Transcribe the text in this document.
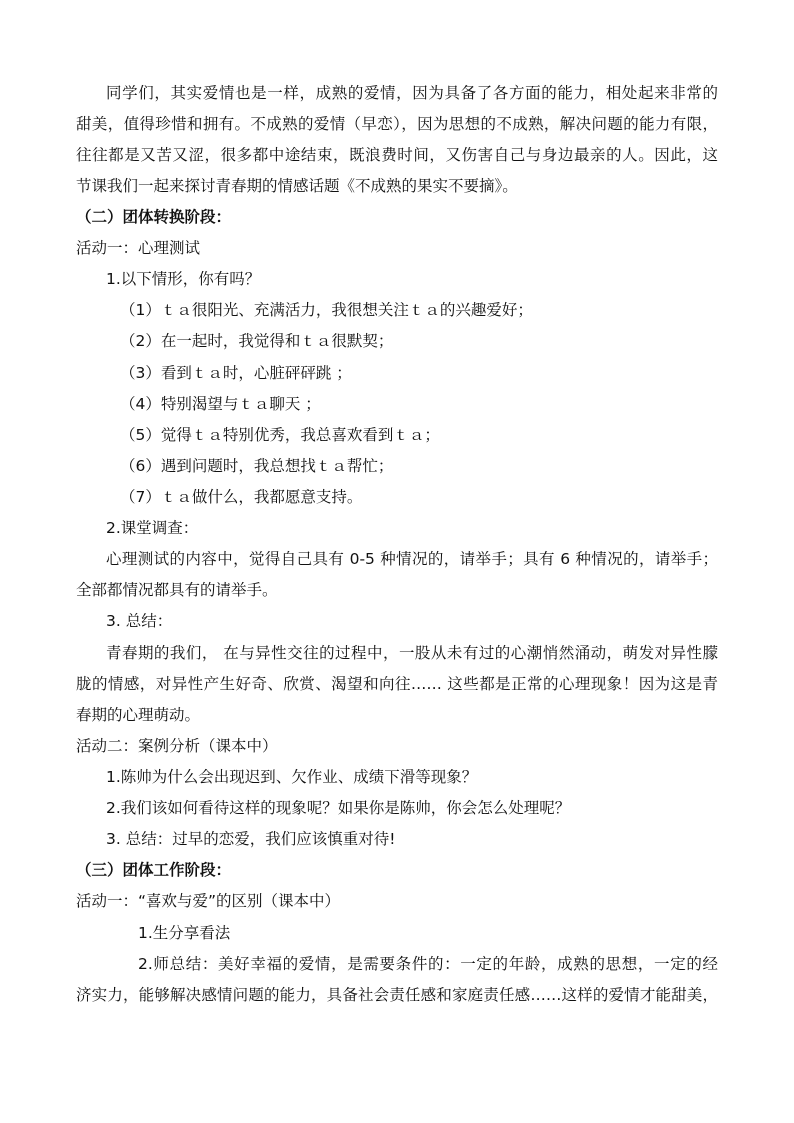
同学们，其实爱情也是一样，成熟的爱情，因为具备了各方面的能力，相处起来非常的
甜美，值得珍惜和拥有。不成熟的爱情（早恋），因为思想的不成熟，解决问题的能力有限，
往往都是又苦又涩，很多都中途结束，既浪费时间，又伤害自己与身边最亲的人。因此，这
节课我们一起来探讨青春期的情感话题《不成熟的果实不要摘》。
（二）团体转换阶段：
活动一：心理测试
1.以下情形，你有吗？
（1）ｔａ很阳光、充满活力，我很想关注ｔａ的兴趣爱好；
（2）在一起时，我觉得和ｔａ很默契；
（3）看到ｔａ时，心脏砰砰跳 ；
（4）特别渴望与ｔａ聊天 ；
（5）觉得ｔａ特别优秀，我总喜欢看到ｔａ；
（6）遇到问题时，我总想找ｔａ帮忙；
（7）ｔａ做什么，我都愿意支持。
2.课堂调查：
心理测试的内容中，觉得自己具有 0-5 种情况的，请举手；具有 6 种情况的，请举手；
全部都情况都具有的请举手。
3. 总结：
青春期的我们， 在与异性交往的过程中，一股从未有过的心潮悄然涌动，萌发对异性朦
胧的情感，对异性产生好奇、欣赏、渴望和向往…… 这些都是正常的心理现象！因为这是青
春期的心理萌动。
活动二：案例分析（课本中）
1.陈帅为什么会出现迟到、欠作业、成绩下滑等现象？
2.我们该如何看待这样的现象呢？如果你是陈帅，你会怎么处理呢？
3. 总结：过早的恋爱，我们应该慎重对待!
（三）团体工作阶段：
活动一：“喜欢与爱”的区别（课本中）
1.生分享看法
2.师总结：美好幸福的爱情，是需要条件的：一定的年龄，成熟的思想，一定的经
济实力，能够解决感情问题的能力，具备社会责任感和家庭责任感……这样的爱情才能甜美，
